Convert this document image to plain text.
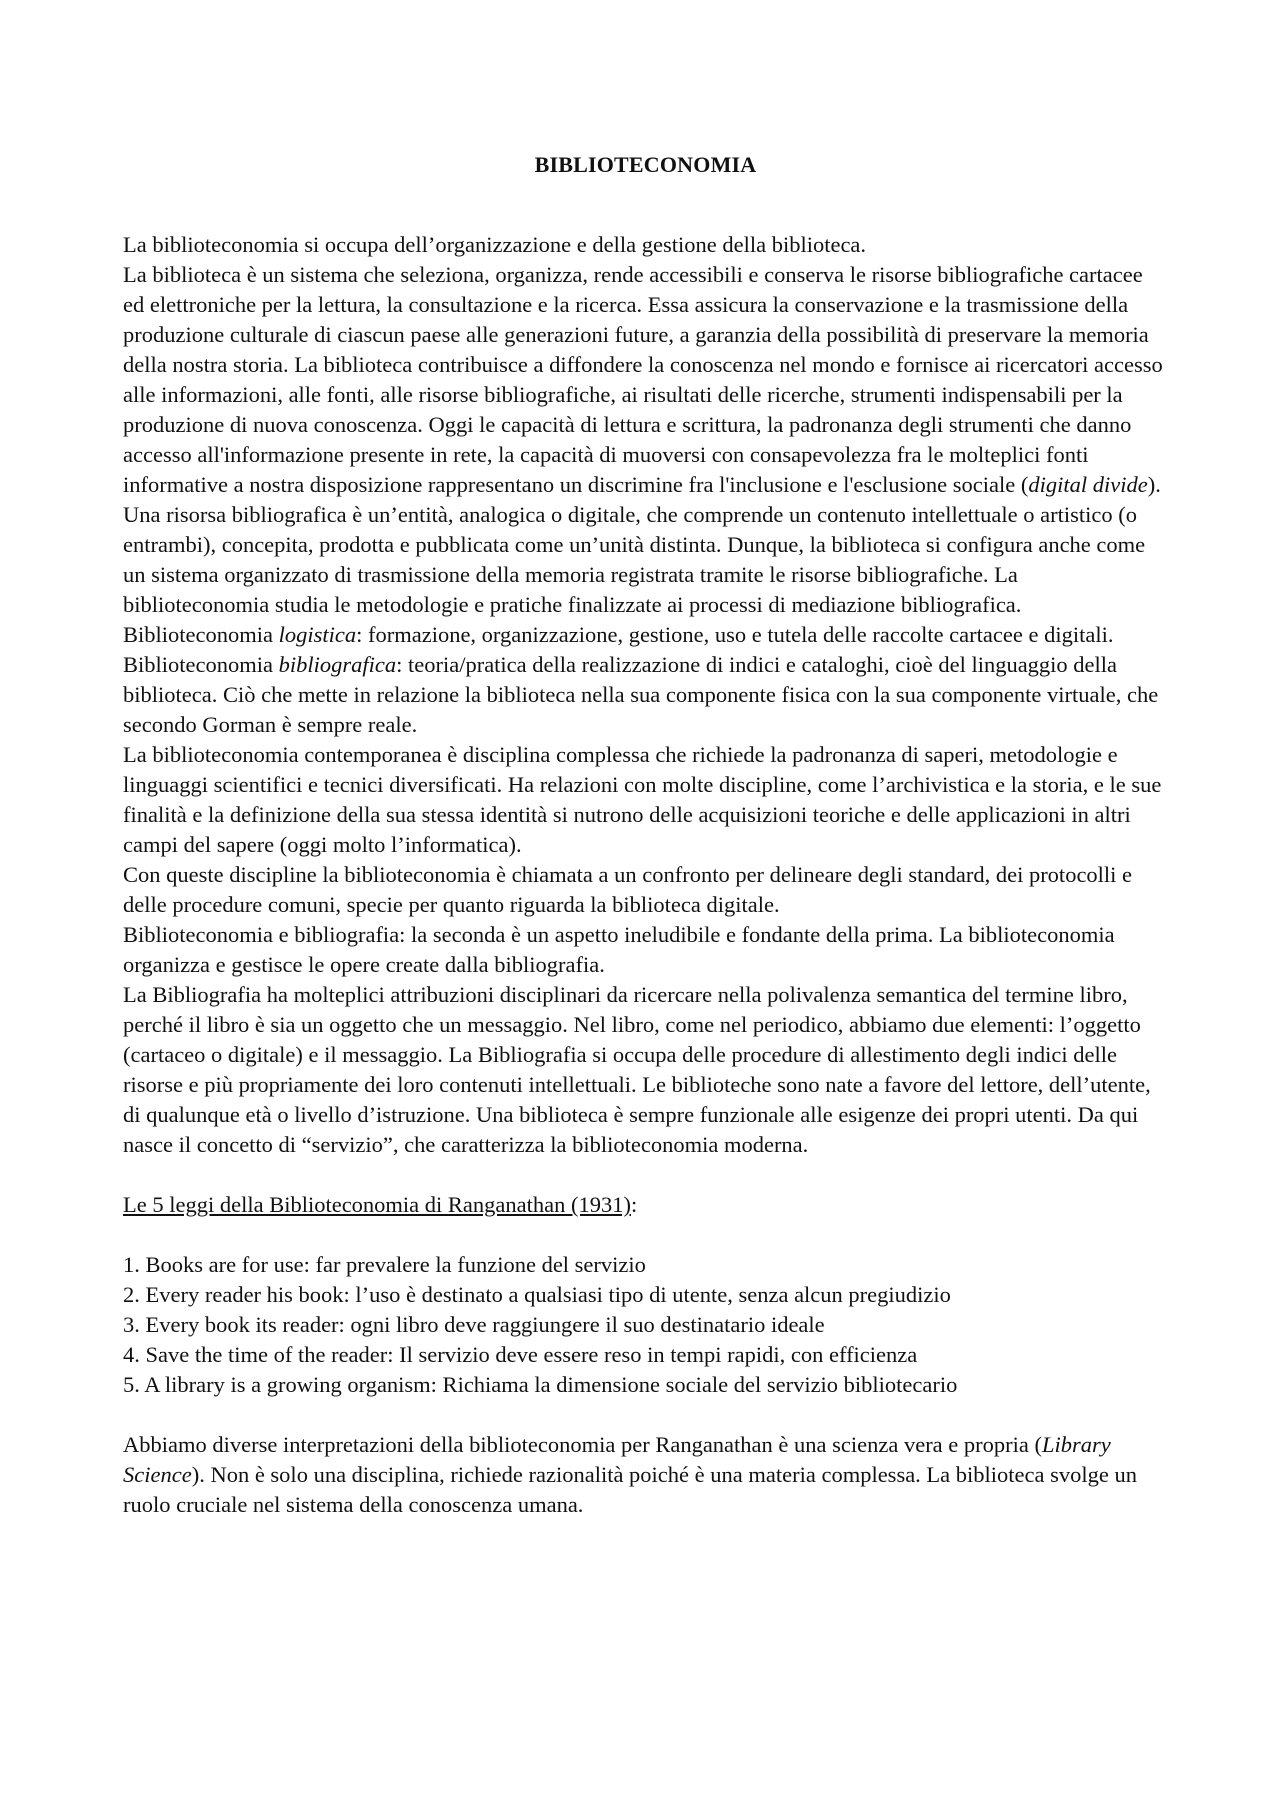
BIBLIOTECONOMIA

La biblioteconomia si occupa dell’organizzazione e della gestione della biblioteca.

La biblioteca è un sistema che seleziona, organizza, rende accessibili e conserva le risorse bibliografiche cartacee ed elettroniche per la lettura, la consultazione e la ricerca. Essa assicura la conservazione e la trasmissione della produzione culturale di ciascun paese alle generazioni future, a garanzia della possibilità di preservare la memoria della nostra storia. La biblioteca contribuisce a diffondere la conoscenza nel mondo e fornisce ai ricercatori accesso alle informazioni, alle fonti, alle risorse bibliografiche, ai risultati delle ricerche, strumenti indispensabili per la produzione di nuova conoscenza. Oggi le capacità di lettura e scrittura, la padronanza degli strumenti che danno accesso all'informazione presente in rete, la capacità di muoversi con consapevolezza fra le molteplici fonti informative a nostra disposizione rappresentano un discrimine fra l'inclusione e l'esclusione sociale (digital divide).

Una risorsa bibliografica è un’entità, analogica o digitale, che comprende un contenuto intellettuale o artistico (o entrambi), concepita, prodotta e pubblicata come un’unità distinta. Dunque, la biblioteca si configura anche come un sistema organizzato di trasmissione della memoria registrata tramite le risorse bibliografiche. La biblioteconomia studia le metodologie e pratiche finalizzate ai processi di mediazione bibliografica.

Biblioteconomia logistica: formazione, organizzazione, gestione, uso e tutela delle raccolte cartacee e digitali.

Biblioteconomia bibliografica: teoria/pratica della realizzazione di indici e cataloghi, cioè del linguaggio della biblioteca. Ciò che mette in relazione la biblioteca nella sua componente fisica con la sua componente virtuale, che secondo Gorman è sempre reale.

La biblioteconomia contemporanea è disciplina complessa che richiede la padronanza di saperi, metodologie e linguaggi scientifici e tecnici diversificati. Ha relazioni con molte discipline, come l’archivistica e la storia, e le sue finalità e la definizione della sua stessa identità si nutrono delle acquisizioni teoriche e delle applicazioni in altri campi del sapere (oggi molto l’informatica).

Con queste discipline la biblioteconomia è chiamata a un confronto per delineare degli standard, dei protocolli e delle procedure comuni, specie per quanto riguarda la biblioteca digitale.

Biblioteconomia e bibliografia: la seconda è un aspetto ineludibile e fondante della prima. La biblioteconomia organizza e gestisce le opere create dalla bibliografia.

La Bibliografia ha molteplici attribuzioni disciplinari da ricercare nella polivalenza semantica del termine libro, perché il libro è sia un oggetto che un messaggio. Nel libro, come nel periodico, abbiamo due elementi: l’oggetto (cartaceo o digitale) e il messaggio. La Bibliografia si occupa delle procedure di allestimento degli indici delle risorse e più propriamente dei loro contenuti intellettuali. Le biblioteche sono nate a favore del lettore, dell’utente, di qualunque età o livello d’istruzione. Una biblioteca è sempre funzionale alle esigenze dei propri utenti. Da qui nasce il concetto di “servizio”, che caratterizza la biblioteconomia moderna.

Le 5 leggi della Biblioteconomia di Ranganathan (1931):

1. Books are for use: far prevalere la funzione del servizio
2. Every reader his book: l’uso è destinato a qualsiasi tipo di utente, senza alcun pregiudizio
3. Every book its reader: ogni libro deve raggiungere il suo destinatario ideale
4. Save the time of the reader: Il servizio deve essere reso in tempi rapidi, con efficienza
5. A library is a growing organism: Richiama la dimensione sociale del servizio bibliotecario

Abbiamo diverse interpretazioni della biblioteconomia per Ranganathan è una scienza vera e propria (Library Science). Non è solo una disciplina, richiede razionalità poiché è una materia complessa. La biblioteca svolge un ruolo cruciale nel sistema della conoscenza umana.
